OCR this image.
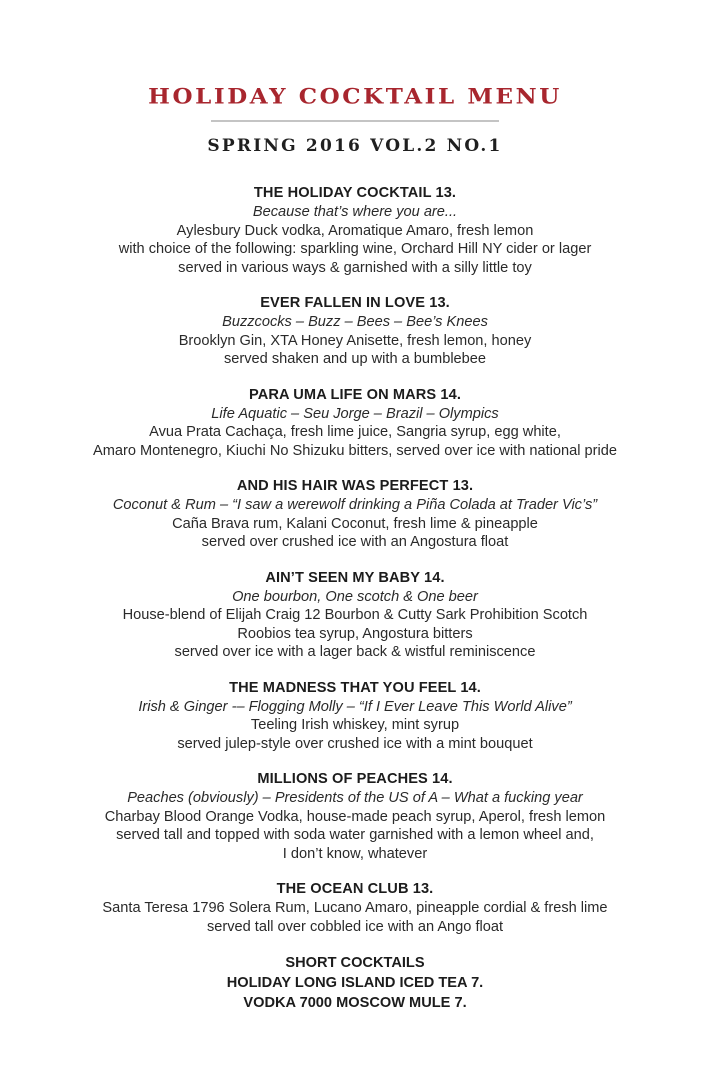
HOLIDAY COCKTAIL MENU
SPRING 2016 VOL.2 NO.1
THE HOLIDAY COCKTAIL 13.
Because that’s where you are...
Aylesbury Duck vodka, Aromatique Amaro, fresh lemon
with choice of the following: sparkling wine, Orchard Hill NY cider or lager
served in various ways & garnished with a silly little toy
EVER FALLEN IN LOVE 13.
Buzzcocks – Buzz – Bees – Bee’s Knees
Brooklyn Gin, XTA Honey Anisette, fresh lemon, honey
served shaken and up with a bumblebee
PARA UMA LIFE ON MARS 14.
Life Aquatic – Seu Jorge – Brazil – Olympics
Avua Prata Cachaça, fresh lime juice, Sangria syrup, egg white,
Amaro Montenegro, Kiuchi No Shizuku bitters, served over ice with national pride
AND HIS HAIR WAS PERFECT 13.
Coconut & Rum – “I saw a werewolf drinking a Piña Colada at Trader Vic’s”
Caña Brava rum, Kalani Coconut, fresh lime & pineapple
served over crushed ice with an Angostura float
AIN’T SEEN MY BABY 14.
One bourbon, One scotch & One beer
House-blend of Elijah Craig 12 Bourbon & Cutty Sark Prohibition Scotch
Roobios tea syrup, Angostura bitters
served over ice with a lager back & wistful reminiscence
THE MADNESS THAT YOU FEEL 14.
Irish & Ginger -– Flogging Molly – “If I Ever Leave This World Alive”
Teeling Irish whiskey, mint syrup
served julep-style over crushed ice with a mint bouquet
MILLIONS OF PEACHES 14.
Peaches (obviously) – Presidents of the US of A – What a fucking year
Charbay Blood Orange Vodka, house-made peach syrup, Aperol, fresh lemon
served tall and topped with soda water garnished with a lemon wheel and,
I don’t know, whatever
THE OCEAN CLUB 13.
Santa Teresa 1796 Solera Rum, Lucano Amaro, pineapple cordial & fresh lime
served tall over cobbled ice with an Ango float
SHORT COCKTAILS
HOLIDAY LONG ISLAND ICED TEA 7.
VODKA 7000 MOSCOW MULE 7.
